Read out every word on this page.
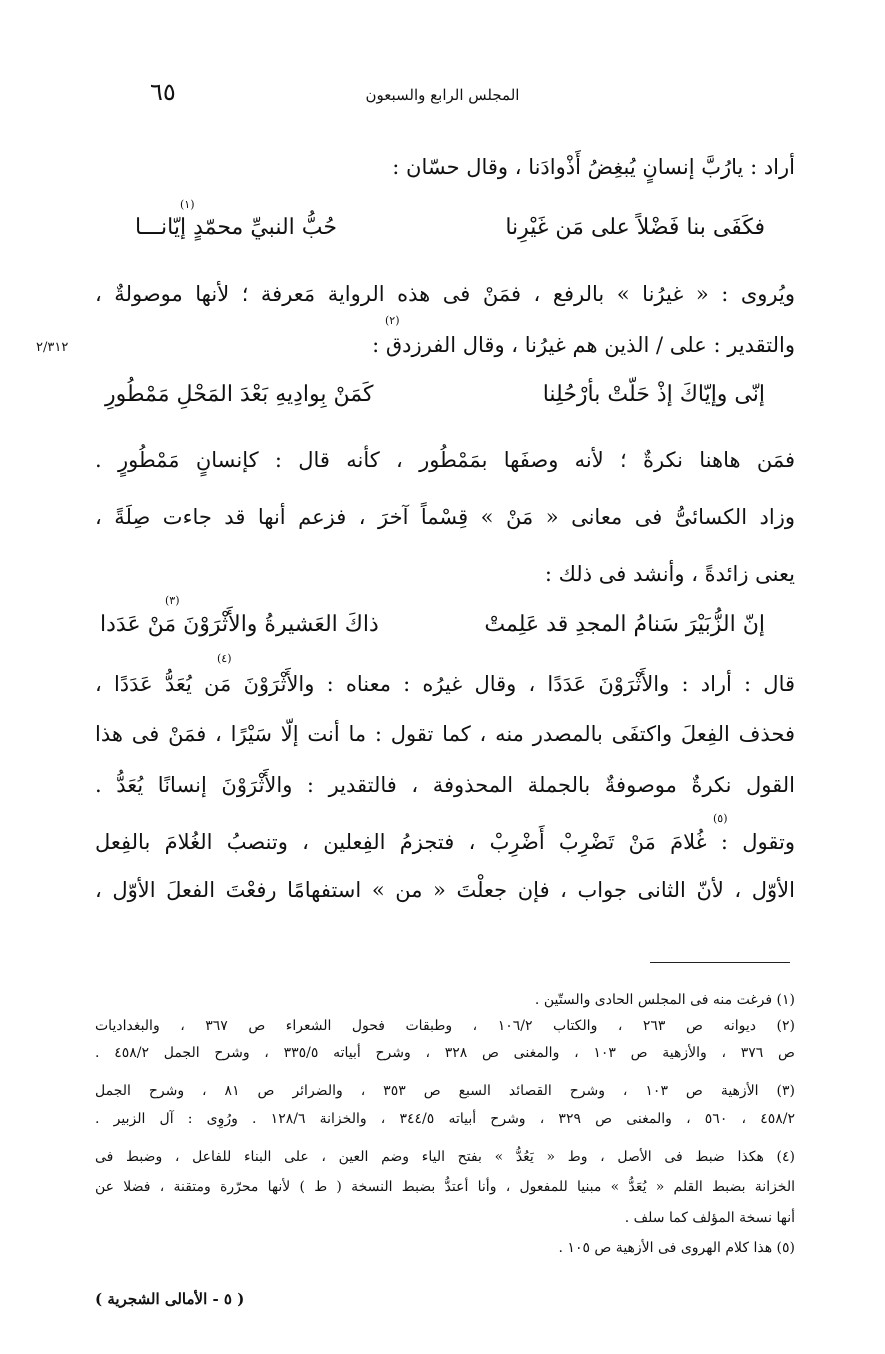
٦٥	المجلس الرابع والسبعون
٢/٣١٢
أراد : يارُبَّ إنسانٍ يُبغِضُ أَذْوادَنا ، وقال حسّان :
فكَفَى بنا فَضْلاً على مَن غَيْرِنا
حُبُّ النبيِّ محمّدٍ إيّانـــا
(١)
ويُروى : « غيرُنا » بالرفع ، فمَنْ فى هذه الرواية مَعرفة ؛ لأنها موصولةٌ ،
والتقدير : على / الذين هم غيرُنا ، وقال الفرزدق :
(٢)
إنّى وإيّاكَ إذْ حَلّتْ بأرْحُلِنا
كَمَنْ بِوادِيهِ بَعْدَ المَحْلِ مَمْطُورِ
فمَن هاهنا نكرةٌ ؛ لأنه وصفَها بمَمْطُور ، كأنه قال : كإنسانٍ مَمْطُورٍ .
وزاد الكسائىُّ فى معانى « مَنْ » قِسْماً آخرَ ، فزعم أنها قد جاءت صِلَةً ،
يعنى زائدةً ، وأنشد فى ذلك :
إنّ الزُّبَيْرَ سَنامُ المجدِ قد عَلِمتْ
ذاكَ العَشيرةُ والأَثْرَوْنَ مَنْ عَدَدا
(٣)
قال : أراد : والأَثْرَوْنَ عَدَدًا ، وقال غيرُه : معناه : والأَثْرَوْنَ مَن يُعَدُّ عَدَدًا ،
(٤)
فحذف الفِعلَ واكتفَى بالمصدر منه ، كما تقول : ما أنت إلّا سَيْرًا ، فمَنْ فى هذا
القول نكرةٌ موصوفةٌ بالجملة المحذوفة ، فالتقدير : والأَثْرَوْنَ إنسانًا يُعَدُّ .
وتقول : غُلامَ مَنْ تَضْرِبْ أَضْرِبْ ، فتجزمُ الفِعلين ، وتنصبُ الغُلامَ بالفِعل
(٥)
الأوّل ، لأنّ الثانى جواب ، فإن جعلْتَ « من » استفهامًا رفعْتَ الفعلَ الأوّل ،
(١) فرغت منه فى المجلس الحادى والستّين .
(٢) ديوانه ص ٢٦٣ ، والكتاب ١٠٦/٢ ، وطبقات فحول الشعراء ص ٣٦٧ ، والبغداديات
ص ٣٧٦ ، والأزهية ص ١٠٣ ، والمغنى ص ٣٢٨ ، وشرح أبياته ٣٣٥/٥ ، وشرح الجمل ٤٥٨/٢ .
(٣) الأزهية ص ١٠٣ ، وشرح القصائد السبع ص ٣٥٣ ، والضرائر ص ٨١ ، وشرح الجمل
٤٥٨/٢ ، ٥٦٠ ، والمغنى ص ٣٢٩ ، وشرح أبياته ٣٤٤/٥ ، والخزانة ١٢٨/٦ . ورُوِى : آل الزبير .
(٤) هكذا ضبط فى الأصل ، وط « يَعُدُّ » بفتح الياء وضم العين ، على البناء للفاعل ، وضبط فى
الخزانة بضبط القلم « يُعَدُّ » مبنيا للمفعول ، وأنا أعتدُّ بضبط النسخة ( ط ) لأنها محرّرة ومتقنة ، فضلا عن
أنها نسخة المؤلف كما سلف .
(٥) هذا كلام الهروى فى الأزهية ص ١٠٥ .
( ٥ - الأمالى الشجرية )
